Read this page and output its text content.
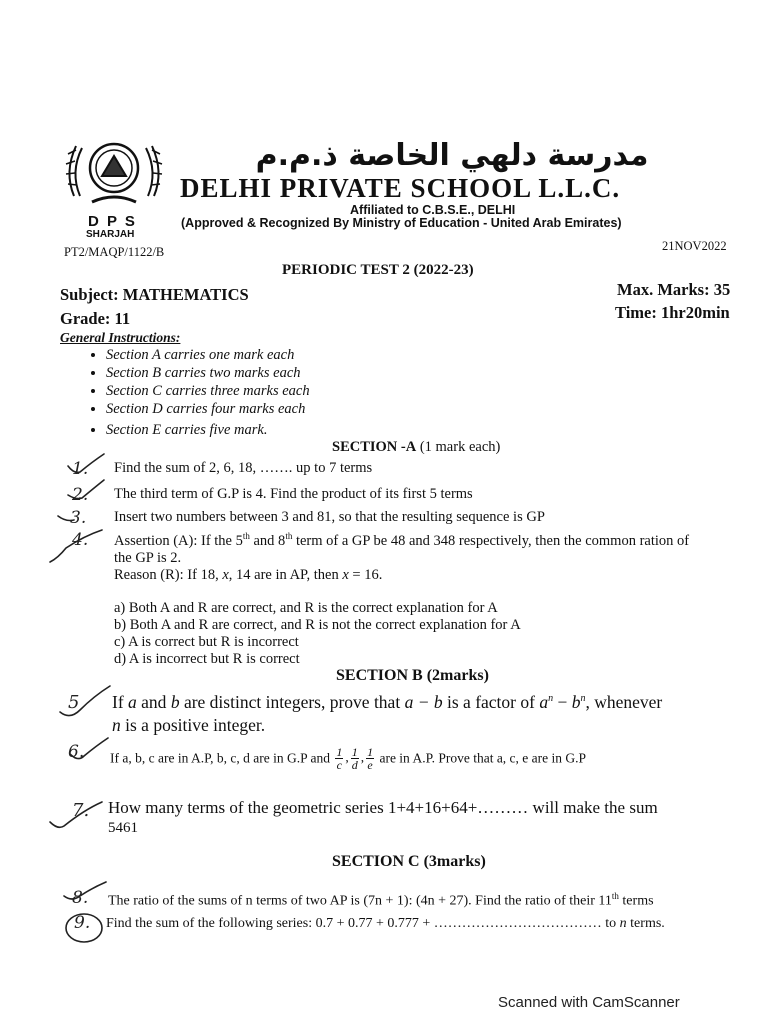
D P S
SHARJAH
مدرسة دلهي الخاصة ذ.م.م
DELHI PRIVATE SCHOOL L.L.C.
Affiliated to C.B.S.E., DELHI
(Approved & Recognized By Ministry of Education - United Arab Emirates)
PT2/MAQP/1122/B	21NOV2022
PERIODIC TEST 2 (2022-23)
Subject: MATHEMATICS
Grade: 11
Max. Marks: 35
Time: 1hr20min
General Instructions:
• Section A carries one mark each
• Section B carries two marks each
• Section C carries three marks each
• Section D carries four marks each
• Section E carries five mark.
SECTION -A (1 mark each)
1. Find the sum of 2, 6, 18, ……. up to 7 terms
2. The third term of G.P is 4. Find the product of its first 5 terms
3. Insert two numbers between 3 and 81, so that the resulting sequence is GP
4. Assertion (A): If the 5th and 8th term of a GP be 48 and 348 respectively, then the common ration of
the GP is 2.
Reason (R): If 18, x, 14 are in AP, then x = 16.
a) Both A and R are correct, and R is the correct explanation for A
b) Both A and R are correct, and R is not the correct explanation for A
c) A is correct but R is incorrect
d) A is incorrect but R is correct
SECTION B (2marks)
5 If a and b are distinct integers, prove that a − b is a factor of $a^n - b^n$, whenever
n is a positive integer.
6. If a, b, c are in A.P, b, c, d are in G.P and $\frac{1}{c}$ , $\frac{1}{d}$ , $\frac{1}{e}$ are in A.P. Prove that a, c, e are in G.P
7. How many terms of the geometric series 1+4+16+64+……… will make the sum
5461
SECTION C (3marks)
8. The ratio of the sums of n terms of two AP is (7n + 1): (4n + 27). Find the ratio of their 11th terms
9. Find the sum of the following series: 0.7 + 0.77 + 0.777 + ……………………………… to n terms.
Scanned with CamScanner
